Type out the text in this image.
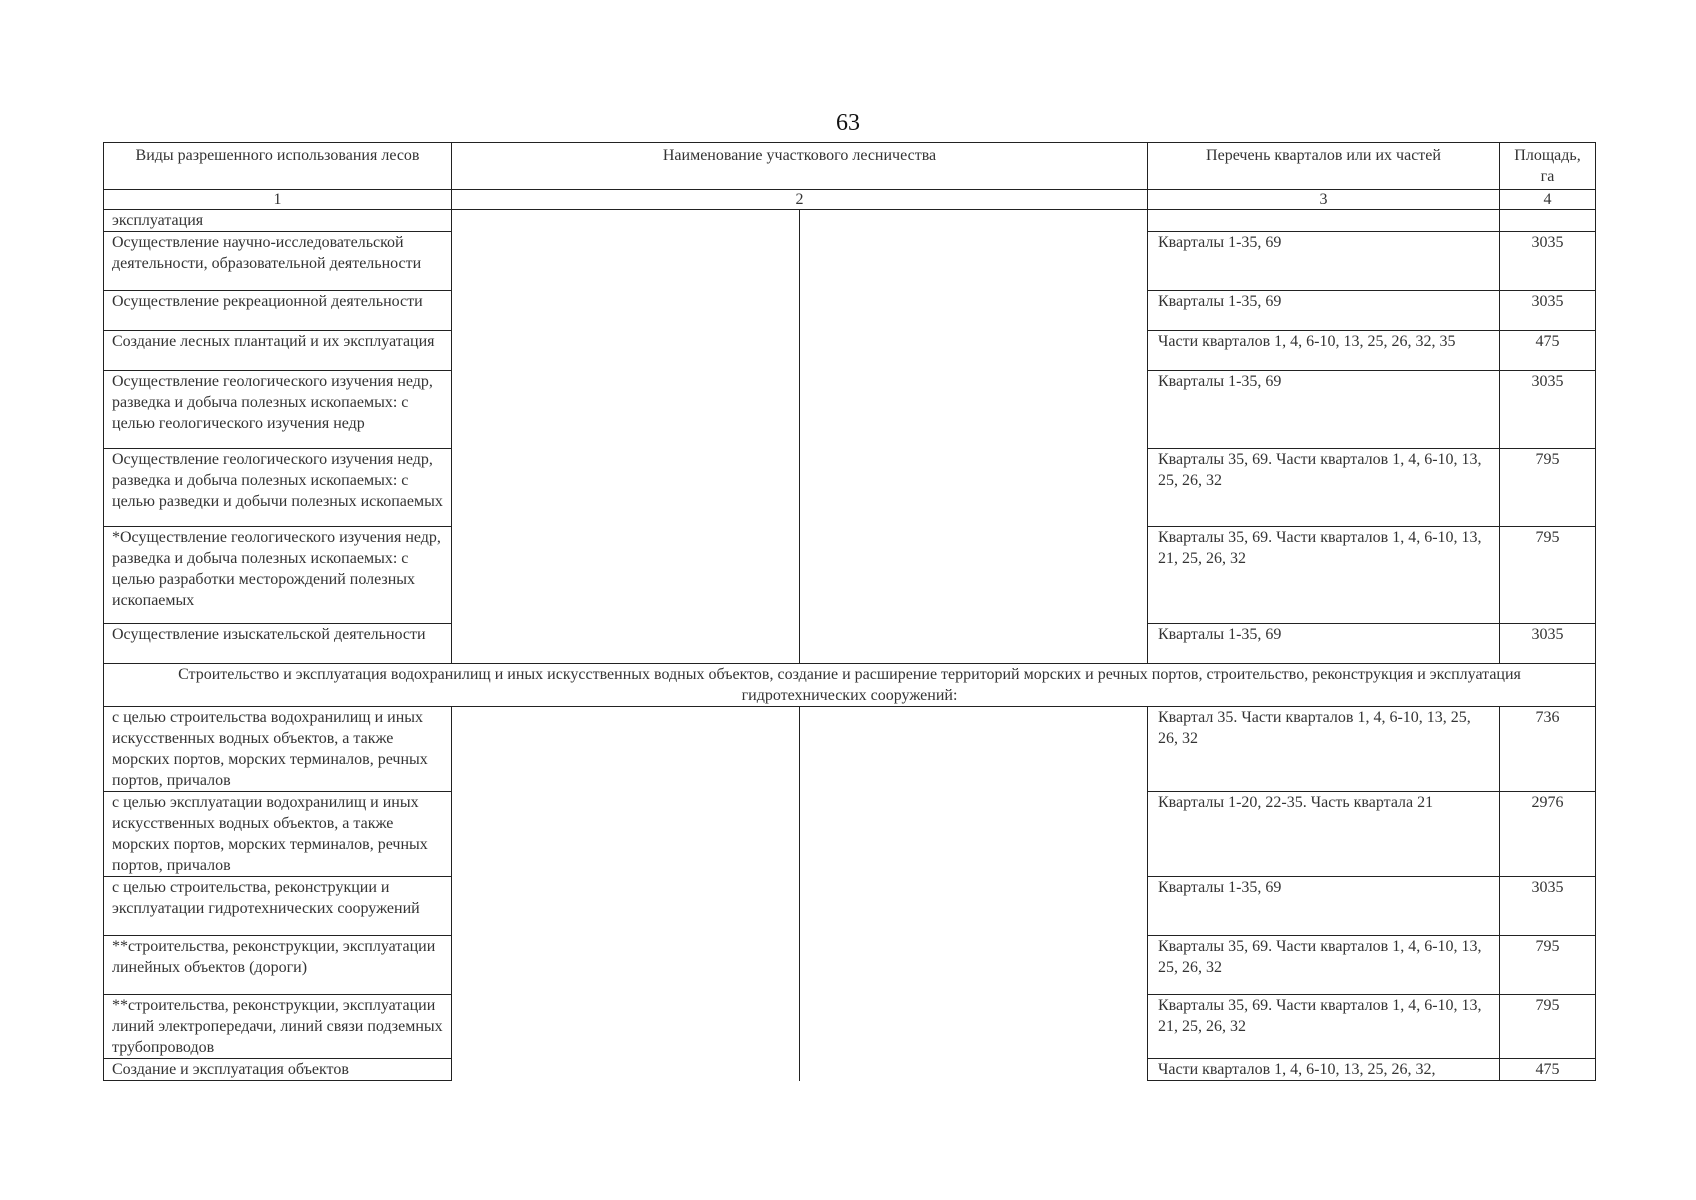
63
Виды разрешенного использования лесов	Наименование участкового лесничества	Перечень кварталов или их частей	Площадь, га
1	2	3	4
эксплуатация	

Осуществление научно-исследовательской деятельности, образовательной деятельности		Кварталы 1-35, 69	3035
Осуществление рекреационной деятельности		Кварталы 1-35, 69	3035
Создание лесных плантаций и их эксплуатация		Части кварталов 1, 4, 6-10, 13, 25, 26, 32, 35	475
Осуществление геологического изучения недр, разведка и добыча полезных ископаемых: с целью геологического изучения недр		Кварталы 1-35, 69	3035
Осуществление геологического изучения недр, разведка и добыча полезных ископаемых: с целью разведки и добычи полезных ископаемых		Кварталы 35, 69. Части кварталов 1, 4, 6-10, 13, 25, 26, 32	795
*Осуществление геологического изучения недр, разведка и добыча полезных ископаемых: с целью разработки месторождений полезных ископаемых		Кварталы 35, 69. Части кварталов 1, 4, 6-10, 13, 21, 25, 26, 32	795
Осуществление изыскательской деятельности		Кварталы 1-35, 69	3035
Строительство и эксплуатация водохранилищ и иных искусственных водных объектов, создание и расширение территорий морских и речных портов, строительство, реконструкция и эксплуатация гидротехнических сооружений:			
с целью строительства водохранилищ и иных искусственных водных объектов, а также морских портов, морских терминалов, речных портов, причалов		Квартал 35. Части кварталов 1, 4, 6-10, 13, 25, 26, 32	736
с целью эксплуатации водохранилищ и иных искусственных водных объектов, а также морских портов, морских терминалов, речных портов, причалов		Кварталы 1-20, 22-35. Часть квартала 21	2976
с целью строительства, реконструкции и эксплуатации гидротехнических сооружений		Кварталы 1-35, 69	3035
**строительства, реконструкции, эксплуатации линейных объектов (дороги)		Кварталы 35, 69. Части кварталов 1, 4, 6-10, 13, 25, 26, 32	795
**строительства, реконструкции, эксплуатации линий электропередачи, линий связи подземных трубопроводов		Кварталы 35, 69. Части кварталов 1, 4, 6-10, 13, 21, 25, 26, 32	795
Создание и эксплуатация объектов		Части кварталов 1, 4, 6-10, 13, 25, 26, 32,	475
